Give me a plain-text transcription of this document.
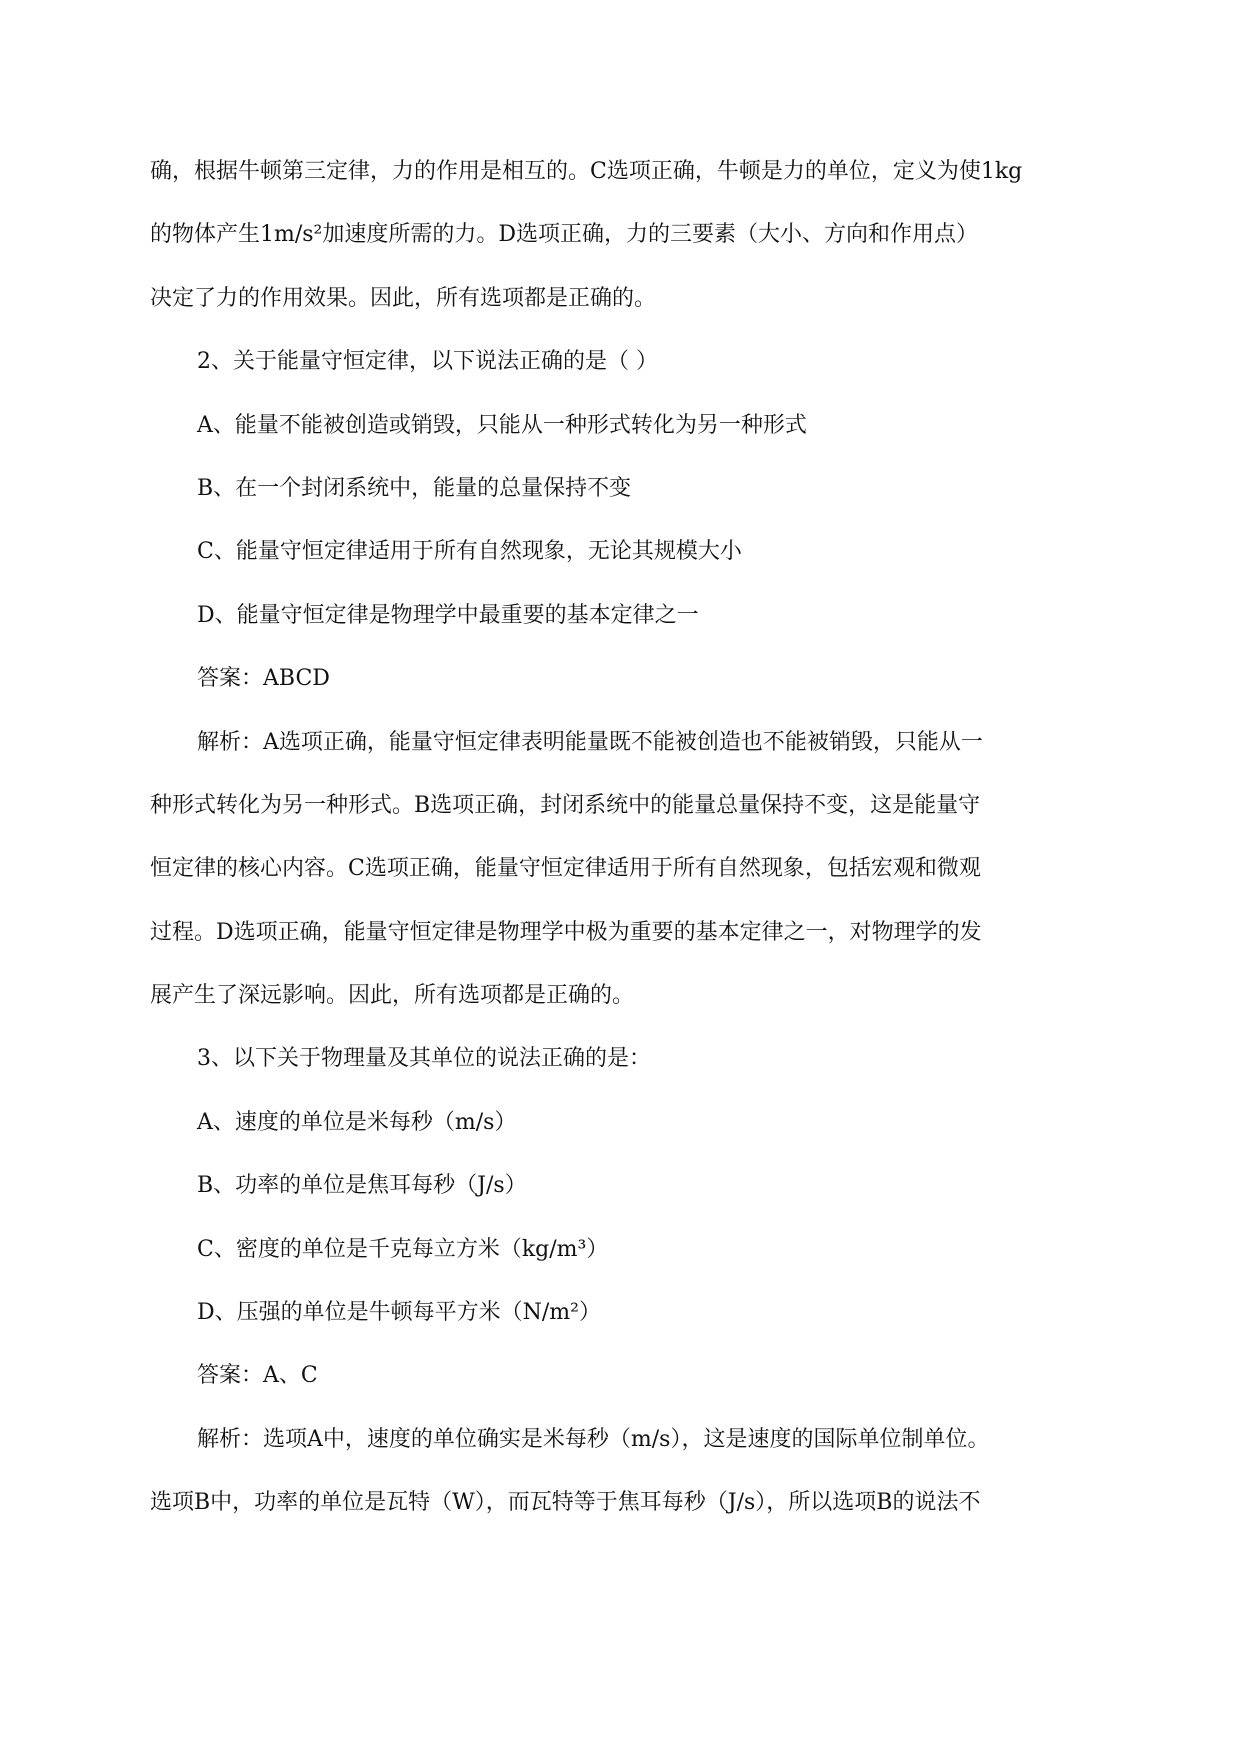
确，根据牛顿第三定律，力的作用是相互的。C选项正确，牛顿是力的单位，定义为使1kg
的物体产生1m/s²加速度所需的力。D选项正确，力的三要素（大小、方向和作用点）
决定了力的作用效果。因此，所有选项都是正确的。
2、关于能量守恒定律，以下说法正确的是（ ）
A、能量不能被创造或销毁，只能从一种形式转化为另一种形式
B、在一个封闭系统中，能量的总量保持不变
C、能量守恒定律适用于所有自然现象，无论其规模大小
D、能量守恒定律是物理学中最重要的基本定律之一
答案：ABCD
解析：A选项正确，能量守恒定律表明能量既不能被创造也不能被销毁，只能从一
种形式转化为另一种形式。B选项正确，封闭系统中的能量总量保持不变，这是能量守
恒定律的核心内容。C选项正确，能量守恒定律适用于所有自然现象，包括宏观和微观
过程。D选项正确，能量守恒定律是物理学中极为重要的基本定律之一，对物理学的发
展产生了深远影响。因此，所有选项都是正确的。
3、以下关于物理量及其单位的说法正确的是：
A、速度的单位是米每秒（m/s）
B、功率的单位是焦耳每秒（J/s）
C、密度的单位是千克每立方米（kg/m³）
D、压强的单位是牛顿每平方米（N/m²）
答案：A、C
解析：选项A中，速度的单位确实是米每秒（m/s），这是速度的国际单位制单位。
选项B中，功率的单位是瓦特（W），而瓦特等于焦耳每秒（J/s），所以选项B的说法不
